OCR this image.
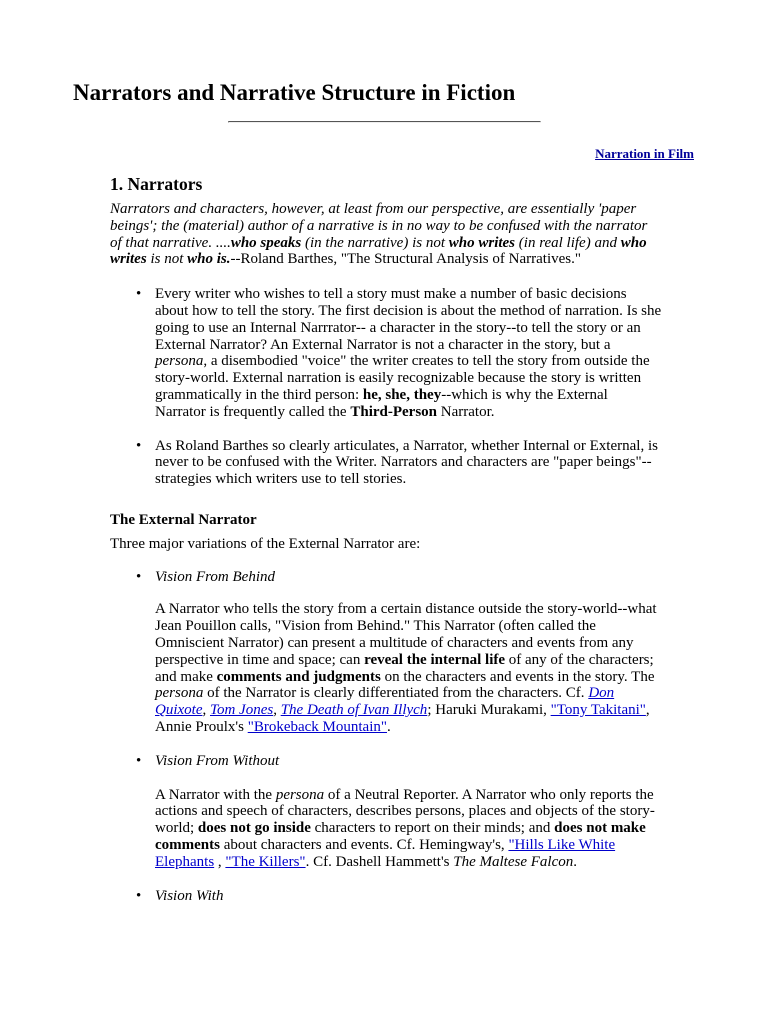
Narrators and Narrative Structure in Fiction
Narration in Film
1. Narrators

Narrators and characters, however, at least from our perspective, are essentially 'paper beings'; the (material) author of a narrative is in no way to be confused with the narrator of that narrative. ....who speaks (in the narrative) is not who writes (in real life) and who writes is not who is.--Roland Barthes, "The Structural Analysis of Narratives."

• Every writer who wishes to tell a story must make a number of basic decisions about how to tell the story. The first decision is about the method of narration. Is she going to use an Internal Narrrator-- a character in the story--to tell the story or an External Narrator? An External Narrator is not a character in the story, but a persona, a disembodied "voice" the writer creates to tell the story from outside the story-world. External narration is easily recognizable because the story is written grammatically in the third person: he, she, they--which is why the External Narrator is frequently called the Third-Person Narrator.
• As Roland Barthes so clearly articulates, a Narrator, whether Internal or External, is never to be confused with the Writer. Narrators and characters are "paper beings"--strategies which writers use to tell stories.

The External Narrator

Three major variations of the External Narrator are:

• Vision From Behind

A Narrator who tells the story from a certain distance outside the story-world--what Jean Pouillon calls, "Vision from Behind." This Narrator (often called the Omniscient Narrator) can present a multitude of characters and events from any perspective in time and space; can reveal the internal life of any of the characters; and make comments and judgments on the characters and events in the story. The persona of the Narrator is clearly differentiated from the characters. Cf. Don Quixote, Tom Jones, The Death of Ivan Illych; Haruki Murakami, "Tony Takitani", Annie Proulx's "Brokeback Mountain".

• Vision From Without

A Narrator with the persona of a Neutral Reporter. A Narrator who only reports the actions and speech of characters, describes persons, places and objects of the story-world; does not go inside characters to report on their minds; and does not make comments about characters and events. Cf. Hemingway's, "Hills Like White Elephants , "The Killers". Cf. Dashell Hammett's The Maltese Falcon.

• Vision With
